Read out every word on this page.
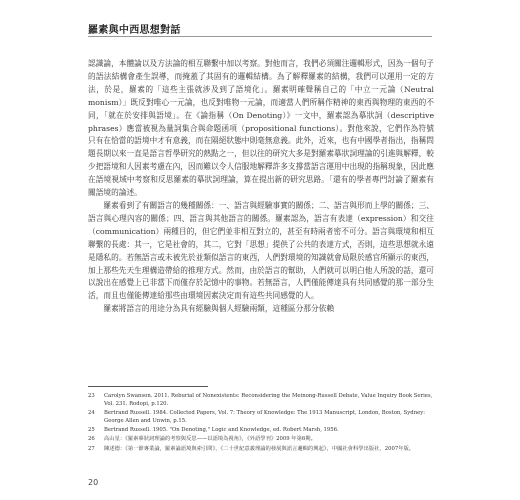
羅素與中西思想對話

認識論，本體論以及方法論的相互聯繫中加以考察。對他而言，我們必須關注邏輯形式，因為一個句子的語法結構會產生誤導，而掩蓋了其固有的邏輯結構。為了解釋羅素的結構，我們可以運用一定的方法，於是，羅素的「這些主張就涉及到了語境化」。羅素明確聲稱自己的「中立一元論（Neutral monism）」既反對唯心一元論，也反對唯物一元論，而適當人們所稱作精神的東西與物理的東西的不同，「就在於安排與語境」。在《論指稱（On Denoting）》一文中，羅素認為摹狀詞（descriptive phrases）應當被視為量詞集合與命題函項（propositional functions）。對他來說，它們作為符號只有在恰當的語境中才有意義，而在隔絕狀態中則毫無意義。此外，近來，也有中國學者指出，指稱問題長期以來一直是語言哲學研究的熱點之一，但以往的研究大多是對羅素摹狀詞理論的引進與解釋，較少把語境和人因素考慮在內，因而難以令人信服地解釋許多支撐當語言運用中出現的指稱現象，因此應在語境視域中考察和反思羅素的摹狀詞理論，算在提出新的研究思路。「還有的學者專門討論了羅素有關語境的論述。

羅素看到了有關語言的幾種關係：一、語言與經驗事實的關係；二、語言與形而上學的關係；三、語言與心理內容的關係；四、語言與其他語言的關係。羅素認為，語言有表達（expression）和交往（communication）兩種目的，但它們並非相互對立的，甚至有時兩者密不可分。語言與環境和相互聯繫的長處：其一，它是社會的，其二，它對「思想」提供了公共的表達方式，否則，這些思想就永遠是隱私的。若無語言或未被先於並類似語言的東西，人們對環境的知識就會局限於感官所顯示的東西，加上那些先天生理構造帶給的推理方式。然而，由於語言的幫助，人們就可以明白他人所說的話，還可以說出在感覺上已非當下而僅存於記憶中的事物。若無語言，人們僅能傳達具有共同感覺的那一部分生活，而且也僅能傳達給那些由環境因素決定而有這些共同感覺的人。

羅素將語言的用途分為具有經驗與個人經驗兩類，這種區分那分依賴

23	Carolyn Swanson. 2011. Reburial of Nonexistents: Reconsidering the Meinong-Russell Debate, Value Inquiry Book Series, Vol. 231. Rodopi, p.120.
24	Bertrand Russell. 1984. Collected Papers, Vol. 7: Theory of Knowledge: The 1913 Manuscript, London, Boston, Sydney: George Allen and Unwin, p.15.
25	Bertrand Russell. 1905. "On Denoting," Logic and Knowledge, ed. Robert Marsh, 1956.
26	高山星：《羅素摹狀詞理論的考察與反思——以語境為視角》，《外語學刊》2009 年第6期。
27	陳述德：《第一節專業論，羅素論語境與索引問》，《二十世紀意義理論的發展與語言邏輯的興起》，中國社會科學出版社，2007年版。
20
